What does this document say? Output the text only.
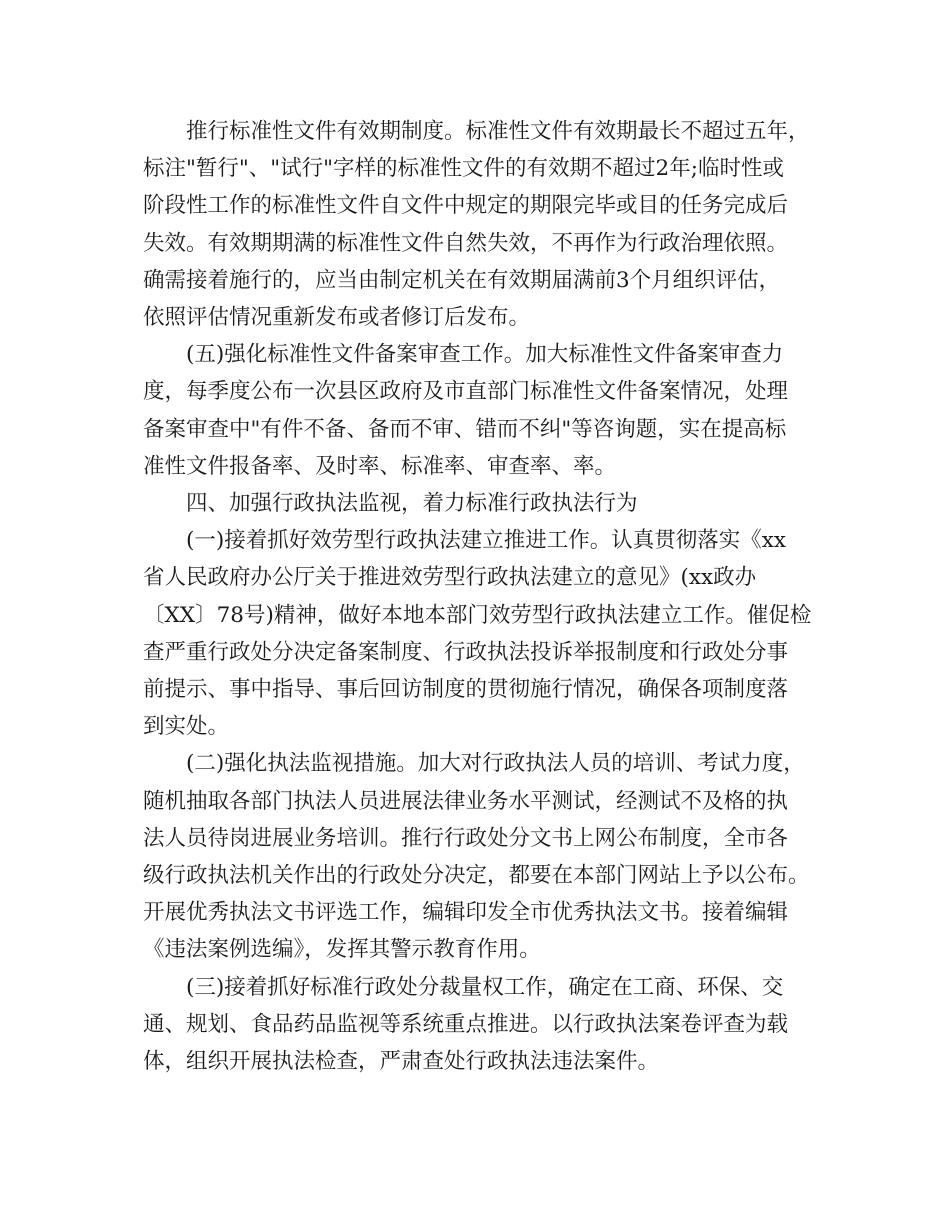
推行标准性文件有效期制度。标准性文件有效期最长不超过五年，
标注"暂行"、"试行"字样的标准性文件的有效期不超过2年;临时性或
阶段性工作的标准性文件自文件中规定的期限完毕或目的任务完成后
失效。有效期期满的标准性文件自然失效，不再作为行政治理依照。
确需接着施行的，应当由制定机关在有效期届满前3个月组织评估，
依照评估情况重新发布或者修订后发布。

(五)强化标准性文件备案审查工作。加大标准性文件备案审查力
度，每季度公布一次县区政府及市直部门标准性文件备案情况，处理
备案审查中"有件不备、备而不审、错而不纠"等咨询题，实在提高标
准性文件报备率、及时率、标准率、审查率、率。

四、加强行政执法监视，着力标准行政执法行为

(一)接着抓好效劳型行政执法建立推进工作。认真贯彻落实《xx
省人民政府办公厅关于推进效劳型行政执法建立的意见》(xx政办
〔XX〕78号)精神，做好本地本部门效劳型行政执法建立工作。催促检
查严重行政处分决定备案制度、行政执法投诉举报制度和行政处分事
前提示、事中指导、事后回访制度的贯彻施行情况，确保各项制度落
到实处。

(二)强化执法监视措施。加大对行政执法人员的培训、考试力度，
随机抽取各部门执法人员进展法律业务水平测试，经测试不及格的执
法人员待岗进展业务培训。推行行政处分文书上网公布制度，全市各
级行政执法机关作出的行政处分决定，都要在本部门网站上予以公布。
开展优秀执法文书评选工作，编辑印发全市优秀执法文书。接着编辑
《违法案例选编》，发挥其警示教育作用。

(三)接着抓好标准行政处分裁量权工作，确定在工商、环保、交
通、规划、食品药品监视等系统重点推进。以行政执法案卷评查为载
体，组织开展执法检查，严肃查处行政执法违法案件。
